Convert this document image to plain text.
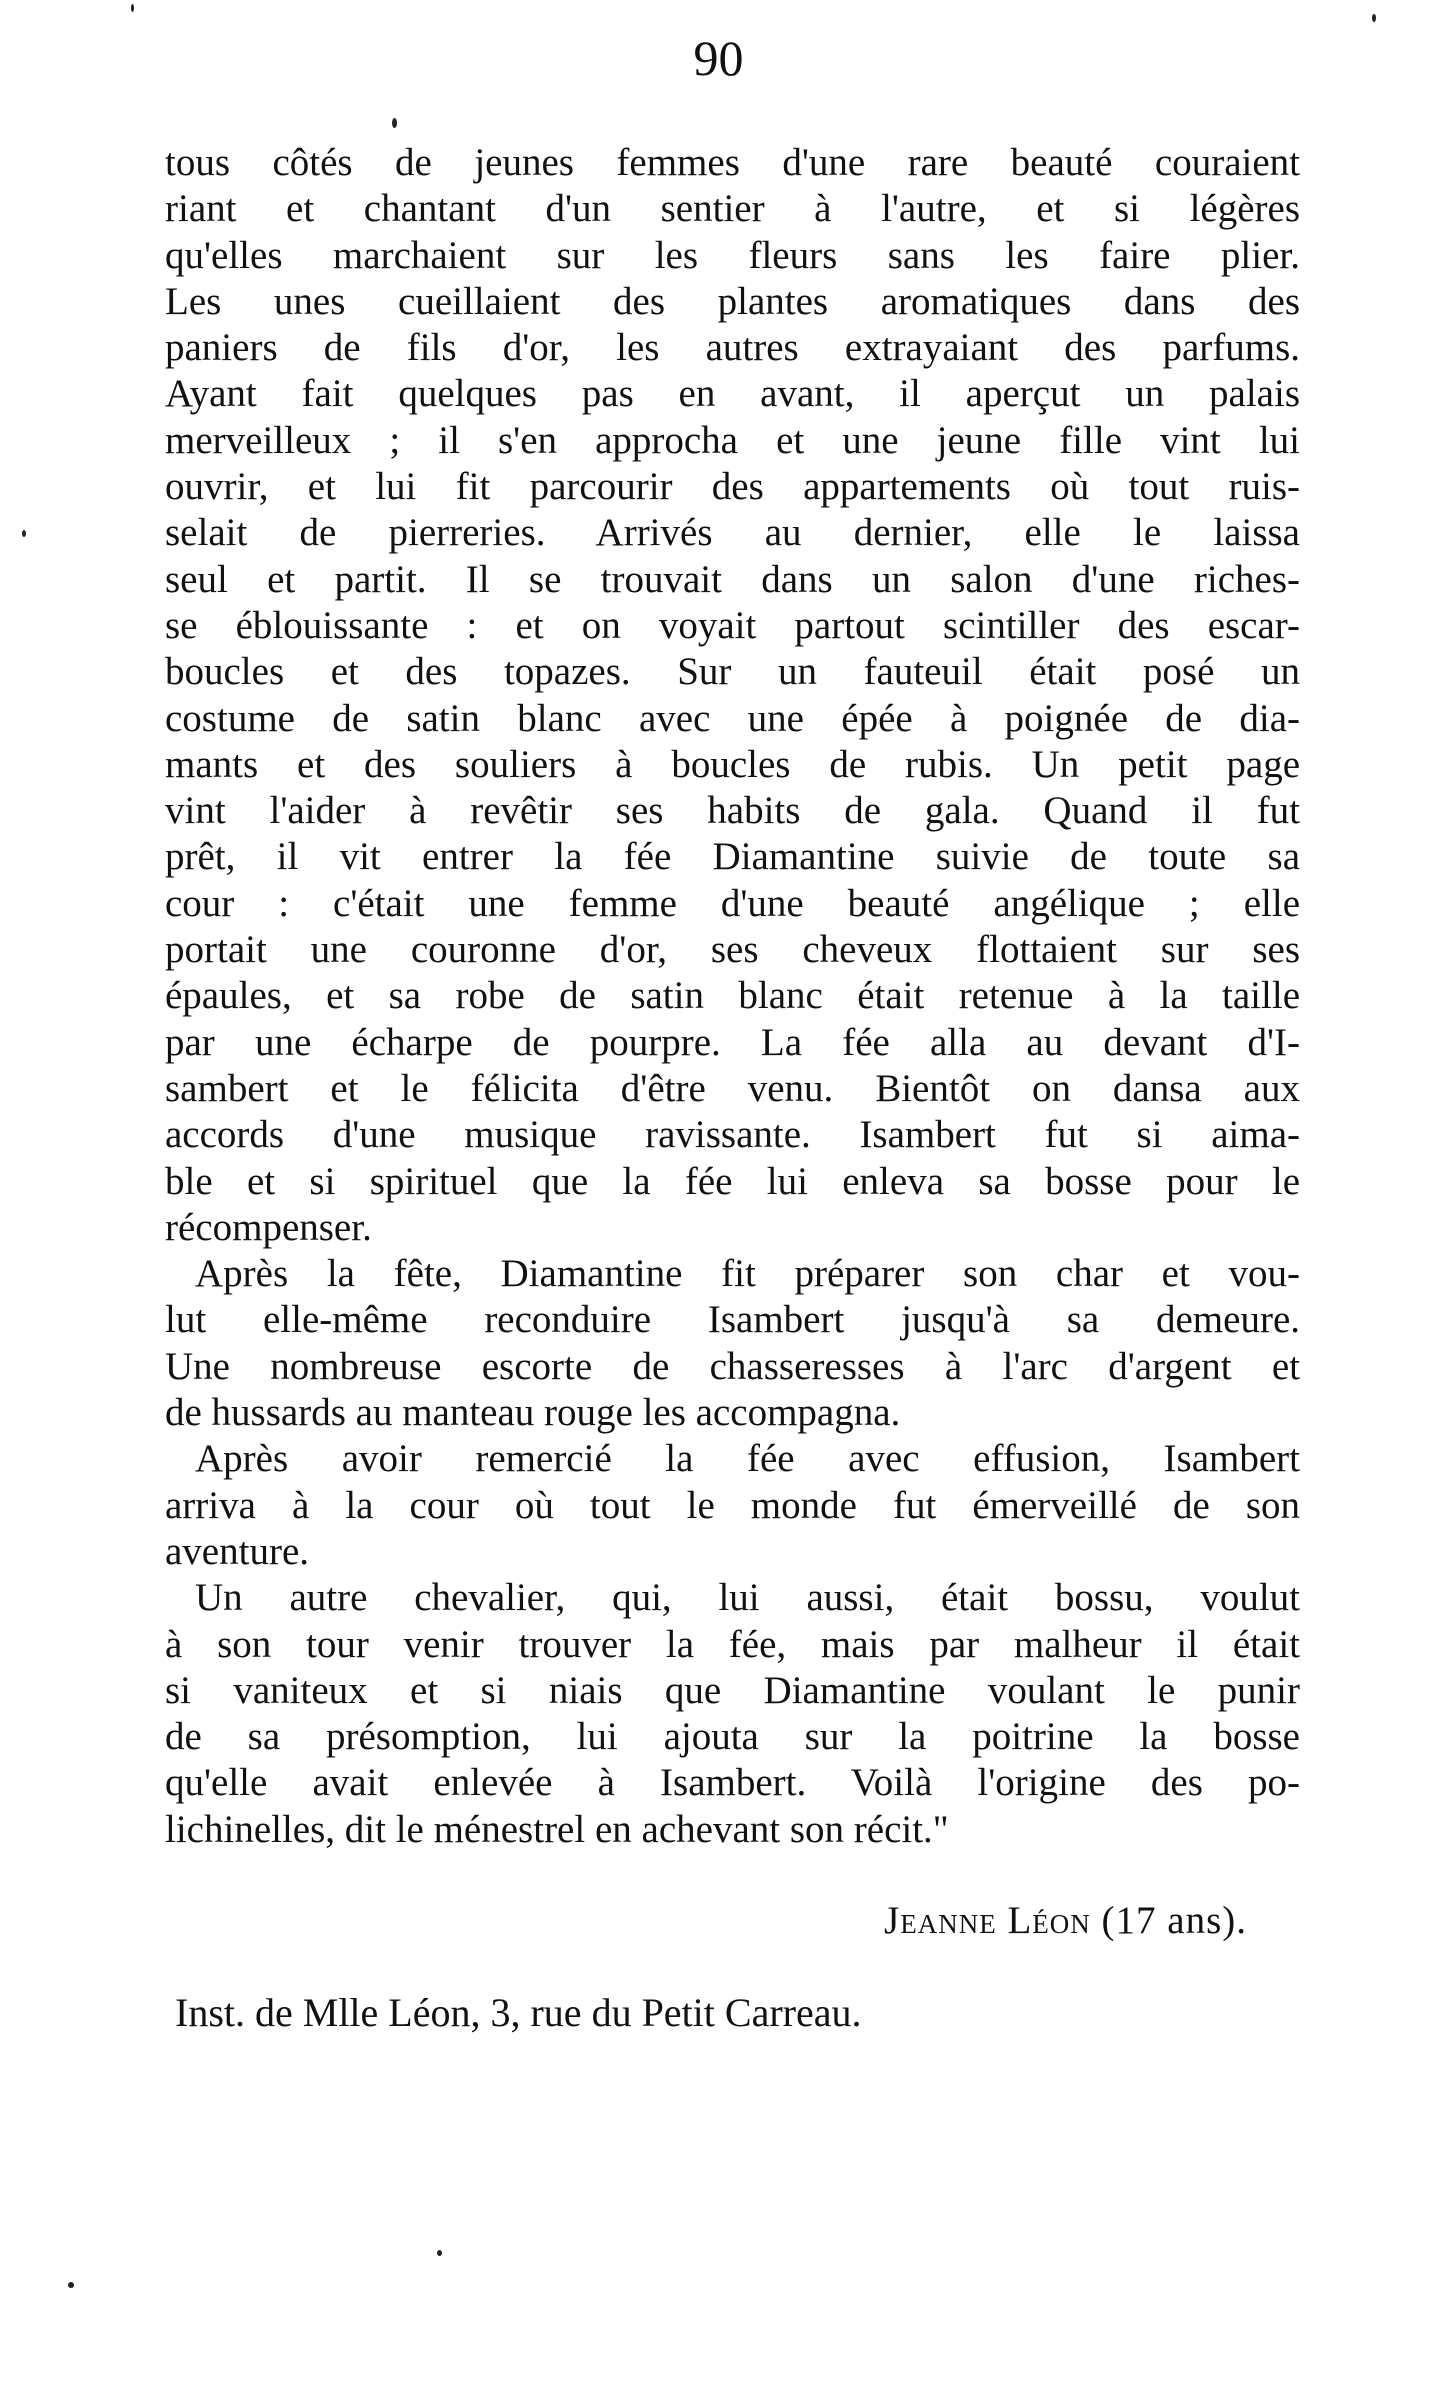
90
tous côtés de jeunes femmes d'une rare beauté couraient
riant et chantant d'un sentier à l'autre, et si légères
qu'elles marchaient sur les fleurs sans les faire plier.
Les unes cueillaient des plantes aromatiques dans des
paniers de fils d'or, les autres extrayaiant des parfums.
Ayant fait quelques pas en avant, il aperçut un palais
merveilleux ; il s'en approcha et une jeune fille vint lui
ouvrir, et lui fit parcourir des appartements où tout ruis-
selait de pierreries. Arrivés au dernier, elle le laissa
seul et partit. Il se trouvait dans un salon d'une riches-
se éblouissante : et on voyait partout scintiller des escar-
boucles et des topazes. Sur un fauteuil était posé un
costume de satin blanc avec une épée à poignée de dia-
mants et des souliers à boucles de rubis. Un petit page
vint l'aider à revêtir ses habits de gala. Quand il fut
prêt, il vit entrer la fée Diamantine suivie de toute sa
cour : c'était une femme d'une beauté angélique ; elle
portait une couronne d'or, ses cheveux flottaient sur ses
épaules, et sa robe de satin blanc était retenue à la taille
par une écharpe de pourpre. La fée alla au devant d'I-
sambert et le félicita d'être venu. Bientôt on dansa aux
accords d'une musique ravissante. Isambert fut si aima-
ble et si spirituel que la fée lui enleva sa bosse pour le
récompenser.
Après la fête, Diamantine fit préparer son char et vou-
lut elle-même reconduire Isambert jusqu'à sa demeure.
Une nombreuse escorte de chasseresses à l'arc d'argent et
de hussards au manteau rouge les accompagna.
Après avoir remercié la fée avec effusion, Isambert
arriva à la cour où tout le monde fut émerveillé de son
aventure.
Un autre chevalier, qui, lui aussi, était bossu, voulut
à son tour venir trouver la fée, mais par malheur il était
si vaniteux et si niais que Diamantine voulant le punir
de sa présomption, lui ajouta sur la poitrine la bosse
qu'elle avait enlevée à Isambert. Voilà l'origine des po-
lichinelles, dit le ménestrel en achevant son récit."
Jeanne Léon (17 ans).
Inst. de Mlle Léon, 3, rue du Petit Carreau.
